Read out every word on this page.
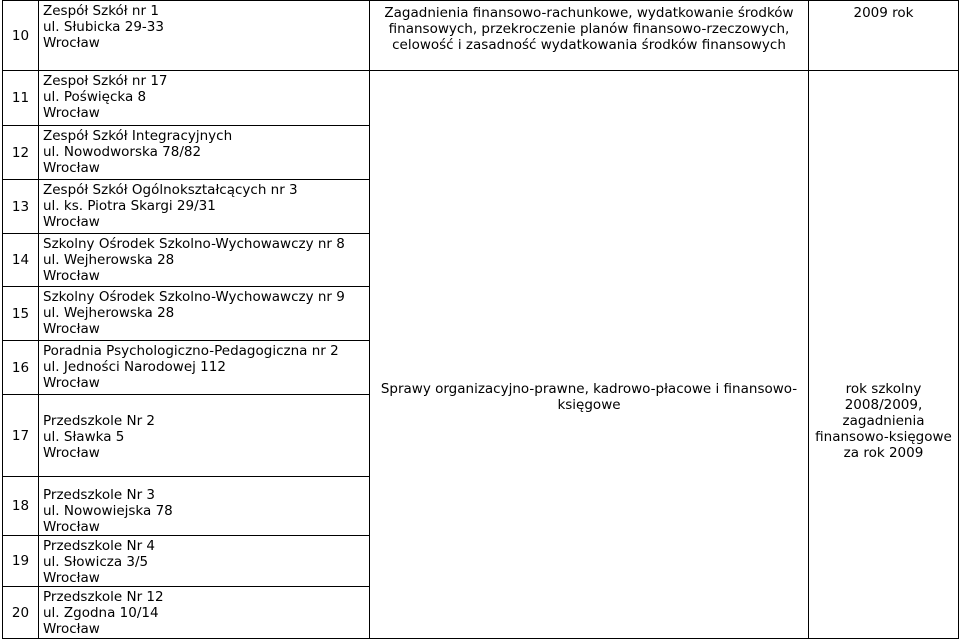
10	Zespół Szkół nr 1
ul. Słubicka 29-33
Wrocław	Zagadnienia finansowo-rachunkowe, wydatkowanie środków finansowych, przekroczenie planów finansowo-rzeczowych, celowość i zasadność wydatkowania środków finansowych	2009 rok
11	Zespoł Szkół nr 17
ul. Poświęcka 8
Wrocław	Sprawy organizacyjno-prawne, kadrowo-płacowe i finansowo-księgowe	rok szkolny 2008/2009, zagadnienia finansowo-księgowe za rok 2009
12	Zespół Szkół Integracyjnych
ul. Nowodworska 78/82
Wrocław		

13	Zespół Szkół Ogólnokształcących nr 3
ul. ks. Piotra Skargi 29/31
Wrocław		

14	Szkolny Ośrodek Szkolno-Wychowawczy nr 8
ul. Wejherowska 28
Wrocław		

15	Szkolny Ośrodek Szkolno-Wychowawczy nr 9
ul. Wejherowska 28
Wrocław		

16	Poradnia Psychologiczno-Pedagogiczna nr 2
ul. Jedności Narodowej 112
Wrocław		

17	Przedszkole Nr 2
ul. Sławka 5
Wrocław		

18	Przedszkole Nr 3
ul. Nowowiejska 78
Wrocław		

19	Przedszkole Nr 4
ul. Słowicza 3/5
Wrocław		

20	Przedszkole Nr 12
ul. Zgodna 10/14
Wrocław		
